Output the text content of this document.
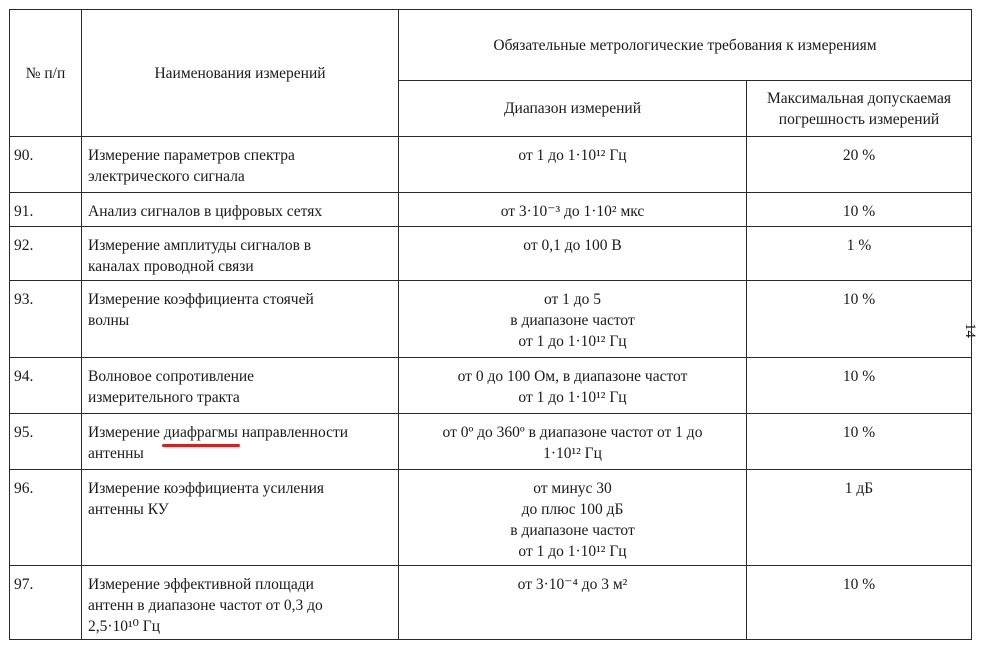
№ п/п	Наименования измерений	Обязательные метрологические требования к измерениям	
		Диапазон измерений	Максимальная допускаемая
погрешность измерений

90.	Измерение параметров спектра
электрического сигнала	от 1 до 1·10¹² Гц	20 %
91.	Анализ сигналов в цифровых сетях	от 3·10⁻³ до 1·10² мкс	10 %
92.	Измерение амплитуды сигналов в
каналах проводной связи	от 0,1 до 100 В	1 %
93.	Измерение коэффициента стоячей
волны	от 1 до 5
в диапазоне частот
от 1 до 1·10¹² Гц	10 %
94.	Волновое сопротивление
измерительного тракта	от 0 до 100 Ом, в диапазоне частот
от 1 до 1·10¹² Гц	10 %
95.	Измерение диафрагмы направленности
антенны	от 0º до 360º в диапазоне частот от 1 до
1·10¹² Гц	10 %
96.	Измерение коэффициента усиления
антенны КУ	от минус 30
до плюс 100 дБ
в диапазоне частот
от 1 до 1·10¹² Гц	1 дБ
97.	Измерение эффективной площади
антенн в диапазоне частот от 0,3 до
2,5·10¹⁰ Гц	от 3·10⁻⁴ до 3 м²	10 %
14
